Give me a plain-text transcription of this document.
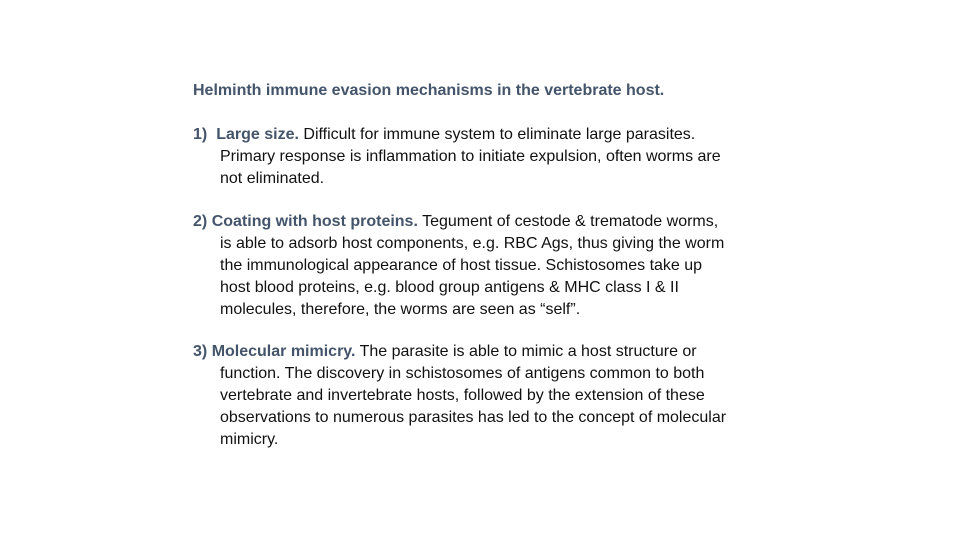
Helminth immune evasion mechanisms in the vertebrate host.
1) Large size. Difficult for immune system to eliminate large parasites.
Primary response is inflammation to initiate expulsion, often worms are
not eliminated.
2) Coating with host proteins. Tegument of cestode & trematode worms,
is able to adsorb host components, e.g. RBC Ags, thus giving the worm
the immunological appearance of host tissue. Schistosomes take up
host blood proteins, e.g. blood group antigens & MHC class I & II
molecules, therefore, the worms are seen as “self”.
3) Molecular mimicry. The parasite is able to mimic a host structure or
function. The discovery in schistosomes of antigens common to both
vertebrate and invertebrate hosts, followed by the extension of these
observations to numerous parasites has led to the concept of molecular
mimicry.
